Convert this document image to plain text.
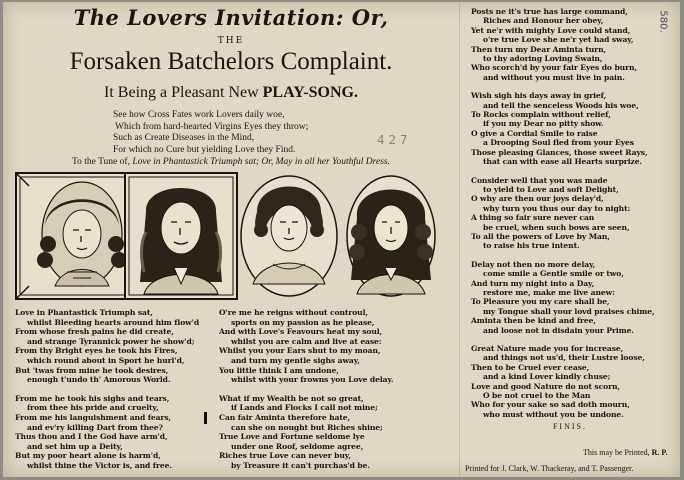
580.
The Lovers Invitation: Or,
THE
Forsaken Batchelors Complaint.
It Being a Pleasant New PLAY-SONG.
See how Cross Fates work Lovers daily woe,
Which from hard-hearted Virgins Eyes they throw;
Such as Create Diseases in the Mind,
For which no Cure but yielding Love they Find.
4 2 7
To the Tune of, Love in Phantastick Triumph sat; Or, May in all her Youthful Dress.
Love in Phantastick Triumph sat,
whilst Bleeding hearts around him flow'd
From whose fresh pains he did create,
and strange Tyrannick power he show'd;
From thy Bright eyes he took his Fires,
which round about in Sport he hurl'd,
But 'twas from mine he took desires,
enough t'undo th' Amorous World.
From me he took his sighs and tears,
from thee his pride and cruelty,
From me his languishment and fears,
and ev'ry killing Dart from thee?
Thus thou and I the God have arm'd,
and set him up a Deity,
But my poor heart alone is harm'd,
whilst thine the Victor is, and free.
O're me he reigns without controul,
sports on my passion as he please,
And with Love's Feavours heat my soul,
whilst you are calm and live at ease:
Whilst you your Ears shut to my moan,
and turn my gentle sighs away,
You little think I am undone,
whilst with your frowns you Love delay.
What if my Wealth be not so great,
if Lands and Flocks I call not mine;
Can fair Aminta therefore hate,
can she on nought but Riches shine;
True Love and Fortune seldome lye
under one Roof, seldome agree,
Riches true Love can never buy,
by Treasure it can't purchas'd be.
Posts ne it's true has large command,
Riches and Honour her obey,
Yet ne'r with mighty Love could stand,
o're true Love she ne'r yet had sway,
Then turn my Dear Aminta turn,
to thy adoring Loving Swain,
Who scorch'd by your fair Eyes do burn,
and without you must live in pain.
Wish sigh his days away in grief,
and tell the senceless Woods his woe,
To Rocks complain without relief,
if you my Dear no pitty show.
O give a Cordial Smile to raise
a Drooping Soul fled from your Eyes
Those pleasing Glances, those sweet Rays,
that can with ease all Hearts surprize.
Consider well that you was made
to yield to Love and soft Delight,
O why are then our joys delay'd,
why turn you thus our day to night:
A thing so fair sure never can
be cruel, when such bows are seen,
To all the powers of Love by Man,
to raise his true intent.
Delay not then no more delay,
come smile a Gentle smile or two,
And turn my night into a Day,
restore me, make me live anew:
To Pleasure you my care shall be,
my Tongue shall your lovd praises chime,
Aminta then be kind and free,
and loose not in disdain your Prime.
Great Nature made you for increase,
and things not us'd, their Lustre loose,
Then to be Cruel ever cease,
and a kind Lover kindly chuse;
Love and good Nature do not scorn,
O be not cruel to the Man
Who for your sake so sad doth mourn,
who must without you be undone.
FINIS.
This may be Printed, R. P.
Printed for J. Clark, W. Thackeray, and T. Passenger.
